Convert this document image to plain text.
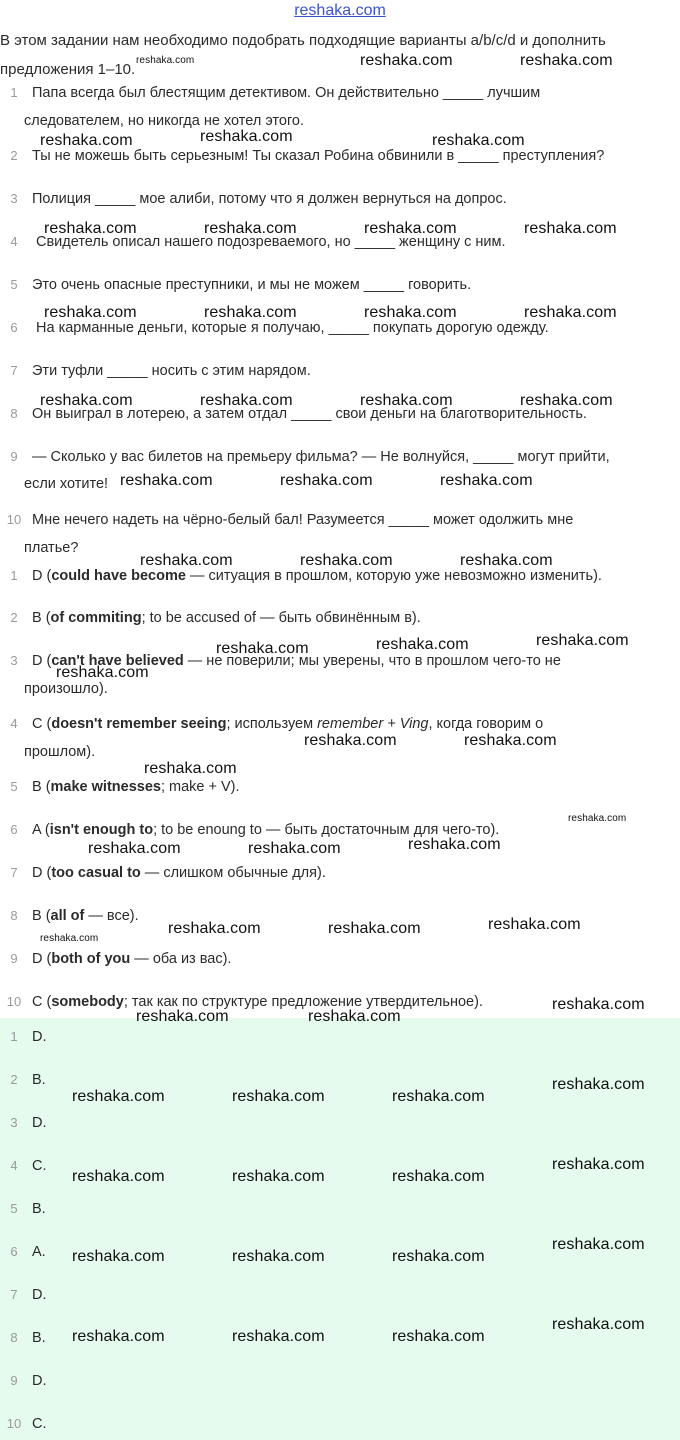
reshaka.com
В этом задании нам необходимо подобрать подходящие варианты a/b/c/d и дополнить
предложения 1–10.
1 Папа всегда был блестящим детективом. Он действительно _____ лучшим
следователем, но никогда не хотел этого.
2 Ты не можешь быть серьезным! Ты сказал Робина обвинили в _____ преступления?
3 Полиция _____ мое алиби, потому что я должен вернуться на допрос.
4	Свидетель описал нашего подозреваемого, но _____ женщину с ним.
5 Это очень опасные преступники, и мы не можем _____ говорить.
6	На карманные деньги, которые я получаю, _____ покупать дорогую одежду.
7 Эти туфли _____ носить с этим нарядом.
8 Он выиграл в лотерею, а затем отдал _____ свои деньги на благотворительность.
9 — Сколько у вас билетов на премьеру фильма? — Не волнуйся, _____ могут прийти,
если хотите!
10 Мне нечего надеть на чёрно-белый бал! Разумеется _____ может одолжить мне
платье?
1 D (could have become — ситуация в прошлом, которую уже невозможно изменить).
2 B (of commiting; to be accused of — быть обвинённым в).
3 D (can't have believed — не поверили; мы уверены, что в прошлом чего-то не
произошло).
4 C (doesn't remember seeing; используем remember + Ving, когда говорим о
прошлом).
5 B (make witnesses; make + V).
6 A (isn't enough to; to be enoung to — быть достаточным для чего-то).
7 D (too casual to — слишком обычные для).
8 B (all of — все).
9 D (both of you — оба из вас).
10 C (somebody; так как по структуре предложение утвердительное).
1 D.
2 B.
3 D.
4 C.
5 B.
6 A.
7 D.
8 B.
9 D.
10 C.
reshaka.com	reshaka.com	reshaka.com
reshaka.com	reshaka.com	reshaka.com
reshaka.com	reshaka.com	reshaka.com	reshaka.com
reshaka.com	reshaka.com	reshaka.com	reshaka.com
reshaka.com	reshaka.com	reshaka.com	reshaka.com
reshaka.com	reshaka.com	reshaka.com
reshaka.com	reshaka.com	reshaka.com
reshaka.com	reshaka.com	reshaka.com
reshaka.com
reshaka.com	reshaka.com
reshaka.com
reshaka.com
reshaka.com	reshaka.com	reshaka.com
reshaka.com	reshaka.com	reshaka.com
reshaka.com
reshaka.com
reshaka.com	reshaka.com
reshaka.com
reshaka.com	reshaka.com	reshaka.com
reshaka.com
reshaka.com	reshaka.com	reshaka.com
reshaka.com
reshaka.com	reshaka.com	reshaka.com
reshaka.com
reshaka.com	reshaka.com	reshaka.com
